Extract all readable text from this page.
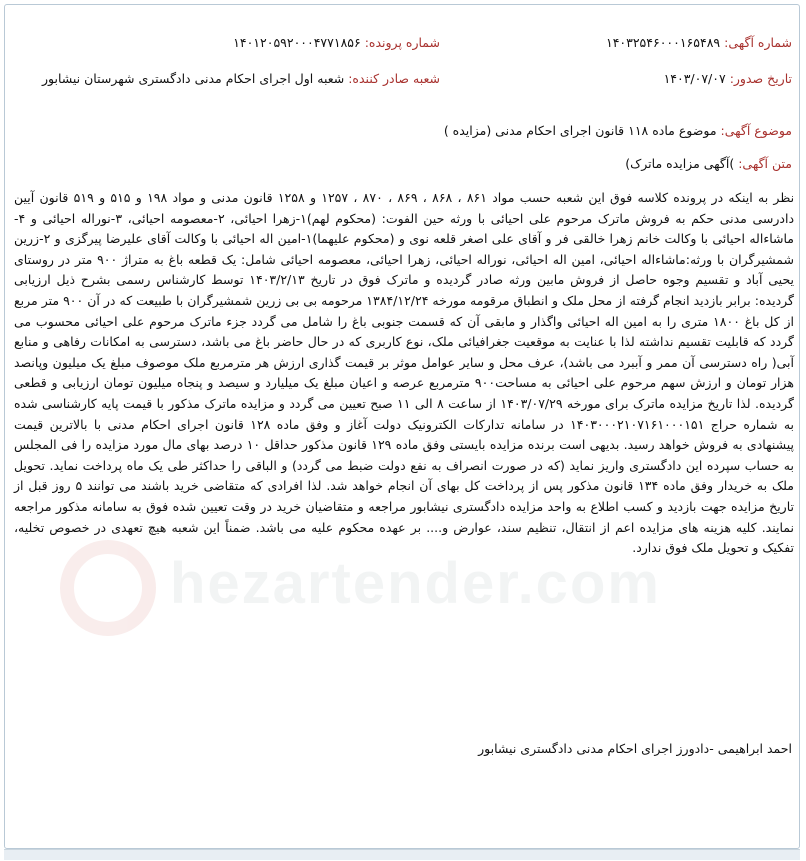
شماره آگهی: ۱۴۰۳۲۵۴۶۰۰۰۱۶۵۴۸۹
شماره پرونده: ۱۴۰۱۲۰۵۹۲۰۰۰۴۷۷۱۸۵۶
تاریخ صدور: ۱۴۰۳/۰۷/۰۷
شعبه صادر کننده: شعبه اول اجرای احکام مدنی دادگستری شهرستان نیشابور
موضوع آگهی: موضوع ماده ۱۱۸ قانون اجرای احکام مدنی (مزایده )
متن آگهی: )آگهی مزایده ماترک)
نظر به اینکه در پرونده کلاسه فوق این شعبه حسب مواد ۸۶۱ ، ۸۶۸ ، ۸۶۹ ، ۸۷۰ ، ۱۲۵۷ و ۱۲۵۸ قانون مدنی و مواد ۱۹۸ و ۵۱۵ و ۵۱۹ قانون آیین دادرسی مدنی حکم به فروش ماترک مرحوم علی احیائی با ورثه حین الفوت: (محکوم لهم)۱-زهرا احیائی، ۲-معصومه احیائی، ۳-نوراله احیائی و ۴-ماشاءاله احیائی با وکالت خانم زهرا خالقی فر و آقای علی اصغر قلعه نوی و (محکوم علیهما)۱-امین اله احیائی با وکالت آقای علیرضا پیرگزی و ۲-زرین شمشیرگران با ورثه:ماشاءاله احیائی، امین اله احیائی، نوراله احیائی، زهرا احیائی، معصومه احیائی شامل: یک قطعه باغ به متراژ ۹۰۰ متر در روستای یحیی آباد و تقسیم وجوه حاصل از فروش مابین ورثه صادر گردیده و ماترک فوق در تاریخ ۱۴۰۳/۲/۱۳ توسط کارشناس رسمی بشرح ذیل ارزیابی گردیده: برابر بازدید انجام گرفته از محل ملک و انطباق مرقومه مورخه ۱۳۸۴/۱۲/۲۴ مرحومه بی بی زرین شمشیرگران با طبیعت که در آن ۹۰۰ متر مربع از کل باغ ۱۸۰۰ متری را به امین اله احیائی واگذار و مابقی آن که قسمت جنوبی باغ را شامل می گردد جزء ماترک مرحوم علی احیائی محسوب می گردد که قابلیت تقسیم نداشته لذا با عنایت به موقعیت جغرافیائی ملک، نوع کاربری که در حال حاضر باغ می باشد، دسترسی به امکانات رفاهی و منابع آبی( راه دسترسی آن ممر و آببرد می باشد)، عرف محل و سایر عوامل موثر بر قیمت گذاری ارزش هر مترمربع ملک موصوف مبلغ یک میلیون وپانصد هزار تومان و ارزش سهم مرحوم علی احیائی به مساحت۹۰۰ مترمربع عرصه و اعیان مبلغ یک میلیارد و سیصد و پنجاه میلیون تومان ارزیابی و قطعی گردیده. لذا تاریخ مزایده ماترک برای مورخه ۱۴۰۳/۰۷/۲۹ از ساعت ۸ الی ۱۱ صبح تعیین می گردد و مزایده ماترک مذکور با قیمت پایه کارشناسی شده به شماره حراج ۱۴۰۳۰۰۰۲۱۰۷۱۶۱۰۰۰۱۵۱ در سامانه تدارکات الکترونیک دولت آغاز و وفق ماده ۱۲۸ قانون اجرای احکام مدنی با بالاترین قیمت پیشنهادی به فروش خواهد رسید. بدیهی است برنده مزایده بایستی وفق ماده ۱۲۹ قانون مذکور حداقل ۱۰ درصد بهای مال مورد مزایده را فی المجلس به حساب سپرده این دادگستری واریز نماید (که در صورت انصراف به نفع دولت ضبط می گردد) و الباقی را حداکثر طی یک ماه پرداخت نماید. تحویل ملک به خریدار وفق ماده ۱۳۴ قانون مذکور پس از پرداخت کل بهای آن انجام خواهد شد. لذا افرادی که متقاضی خرید باشند می توانند ۵ روز قبل از تاریخ مزایده جهت بازدید و کسب اطلاع به واحد مزایده دادگستری نیشابور مراجعه و متقاضیان خرید در وقت تعیین شده فوق به سامانه مذکور مراجعه نمایند. کلیه هزینه های مزایده اعم از انتقال، تنظیم سند، عوارض و.... بر عهده محکوم علیه می باشد. ضمناً این شعبه هیچ تعهدی در خصوص تخلیه، تفکیک و تحویل ملک فوق ندارد.
احمد ابراهیمی -دادورز اجرای احکام مدنی دادگستری نیشابور
